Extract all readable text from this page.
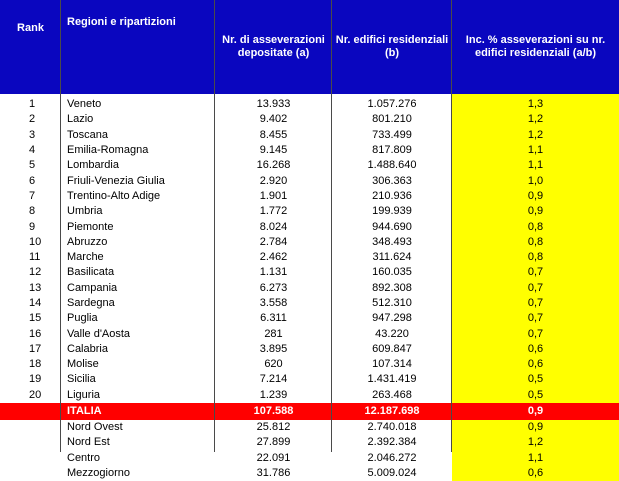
Rank	Regioni e ripartizioni	Nr. di asseverazioni depositate (a)	Nr. edifici residenziali (b)	Inc. % asseverazioni su nr. edifici residenziali (a/b)
1	Veneto	13.933	1.057.276	1,3
2	Lazio	9.402	801.210	1,2
3	Toscana	8.455	733.499	1,2
4	Emilia-Romagna	9.145	817.809	1,1
5	Lombardia	16.268	1.488.640	1,1
6	Friuli-Venezia Giulia	2.920	306.363	1,0
7	Trentino-Alto Adige	1.901	210.936	0,9
8	Umbria	1.772	199.939	0,9
9	Piemonte	8.024	944.690	0,8
10	Abruzzo	2.784	348.493	0,8
11	Marche	2.462	311.624	0,8
12	Basilicata	1.131	160.035	0,7
13	Campania	6.273	892.308	0,7
14	Sardegna	3.558	512.310	0,7
15	Puglia	6.311	947.298	0,7
16	Valle d'Aosta	281	43.220	0,7
17	Calabria	3.895	609.847	0,6
18	Molise	620	107.314	0,6
19	Sicilia	7.214	1.431.419	0,5
20	Liguria	1.239	263.468	0,5
	ITALIA	107.588	12.187.698	0,9
	Nord Ovest	25.812	2.740.018	0,9
	Nord Est	27.899	2.392.384	1,2
	Centro	22.091	2.046.272	1,1
	Mezzogiorno	31.786	5.009.024	0,6
